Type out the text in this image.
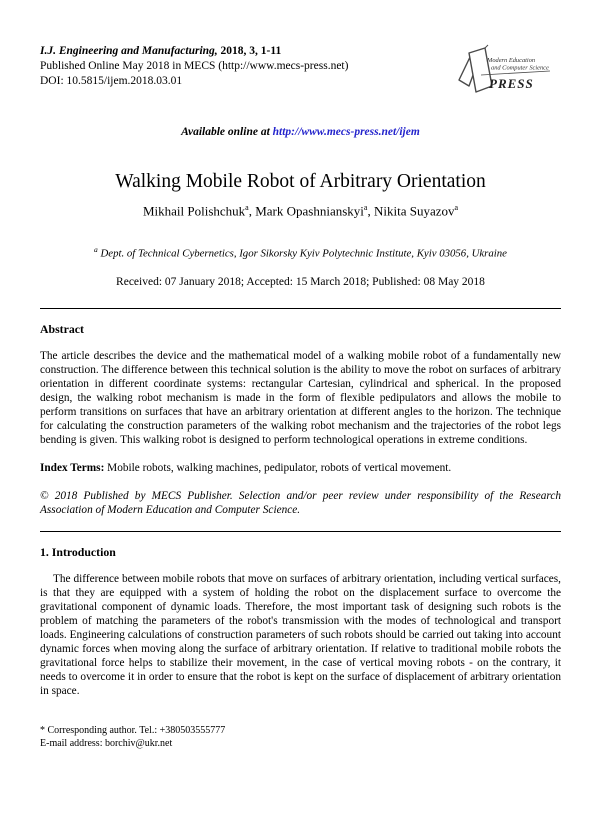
I.J. Engineering and Manufacturing, 2018, 3, 1-11
Published Online May 2018 in MECS (http://www.mecs-press.net)
DOI: 10.5815/ijem.2018.03.01
Modern Education
and Computer Science
PRESS
Available online at http://www.mecs-press.net/ijem
Walking Mobile Robot of Arbitrary Orientation
Mikhail Polishchuk$^a$, Mark Opashnianskyi$^a$, Nikita Suyazov$^a$
$^a$ Dept. of Technical Cybernetics, Igor Sikorsky Kyiv Polytechnic Institute, Kyiv 03056, Ukraine
Received: 07 January 2018; Accepted: 15 March 2018; Published: 08 May 2018
Abstract
The article describes the device and the mathematical model of a walking mobile robot of a fundamentally new construction. The difference between this technical solution is the ability to move the robot on surfaces of arbitrary orientation in different coordinate systems: rectangular Cartesian, cylindrical and spherical. In the proposed design, the walking robot mechanism is made in the form of flexible pedipulators and allows the mobile to perform transitions on surfaces that have an arbitrary orientation at different angles to the horizon. The technique for calculating the construction parameters of the walking robot mechanism and the trajectories of the robot legs bending is given. This walking robot is designed to perform technological operations in extreme conditions.
Index Terms: Mobile robots, walking machines, pedipulator, robots of vertical movement.
© 2018 Published by MECS Publisher. Selection and/or peer review under responsibility of the Research Association of Modern Education and Computer Science.
1. Introduction
The difference between mobile robots that move on surfaces of arbitrary orientation, including vertical surfaces, is that they are equipped with a system of holding the robot on the displacement surface to overcome the gravitational component of dynamic loads. Therefore, the most important task of designing such robots is the problem of matching the parameters of the robot's transmission with the modes of technological and transport loads. Engineering calculations of construction parameters of such robots should be carried out taking into account dynamic forces when moving along the surface of arbitrary orientation. If relative to traditional mobile robots the gravitational force helps to stabilize their movement, in the case of vertical moving robots - on the contrary, it needs to overcome it in order to ensure that the robot is kept on the surface of displacement of arbitrary orientation in space.
* Corresponding author. Tel.: +380503555777
E-mail address: borchiv@ukr.net
